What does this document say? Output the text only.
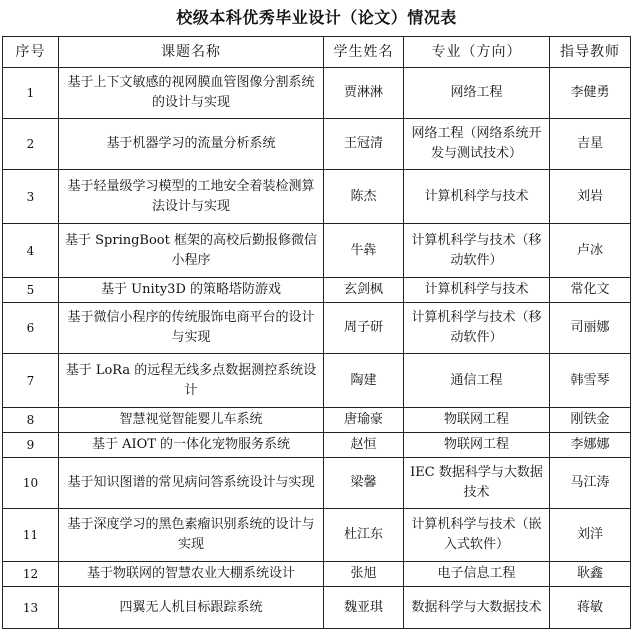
校级本科优秀毕业设计（论文）情况表
序号	课题名称	学生姓名	专业（方向）	指导教师
1	基于上下文敏感的视网膜血管图像分割系统的设计与实现	贾淋淋	网络工程	李健勇
2	基于机器学习的流量分析系统	王冠清	网络工程（网络系统开发与测试技术）	吉星
3	基于轻量级学习模型的工地安全着装检测算法设计与实现	陈杰	计算机科学与技术	刘岩
4	基于 SpringBoot 框架的高校后勤报修微信小程序	牛犇	计算机科学与技术（移动软件）	卢冰
5	基于 Unity3D 的策略塔防游戏	玄剑枫	计算机科学与技术	常化文
6	基于微信小程序的传统服饰电商平台的设计与实现	周子研	计算机科学与技术（移动软件）	司丽娜
7	基于 LoRa 的远程无线多点数据测控系统设计	陶建	通信工程	韩雪琴
8	智慧视觉智能婴儿车系统	唐瑜豪	物联网工程	刚铁金
9	基于 AIOT 的一体化宠物服务系统	赵恒	物联网工程	李娜娜
10	基于知识图谱的常见病问答系统设计与实现	梁馨	IEC 数据科学与大数据技术	马江涛
11	基于深度学习的黑色素瘤识别系统的设计与实现	杜江东	计算机科学与技术（嵌入式软件）	刘洋
12	基于物联网的智慧农业大棚系统设计	张旭	电子信息工程	耿鑫
13	四翼无人机目标跟踪系统	魏亚琪	数据科学与大数据技术	蒋敏
